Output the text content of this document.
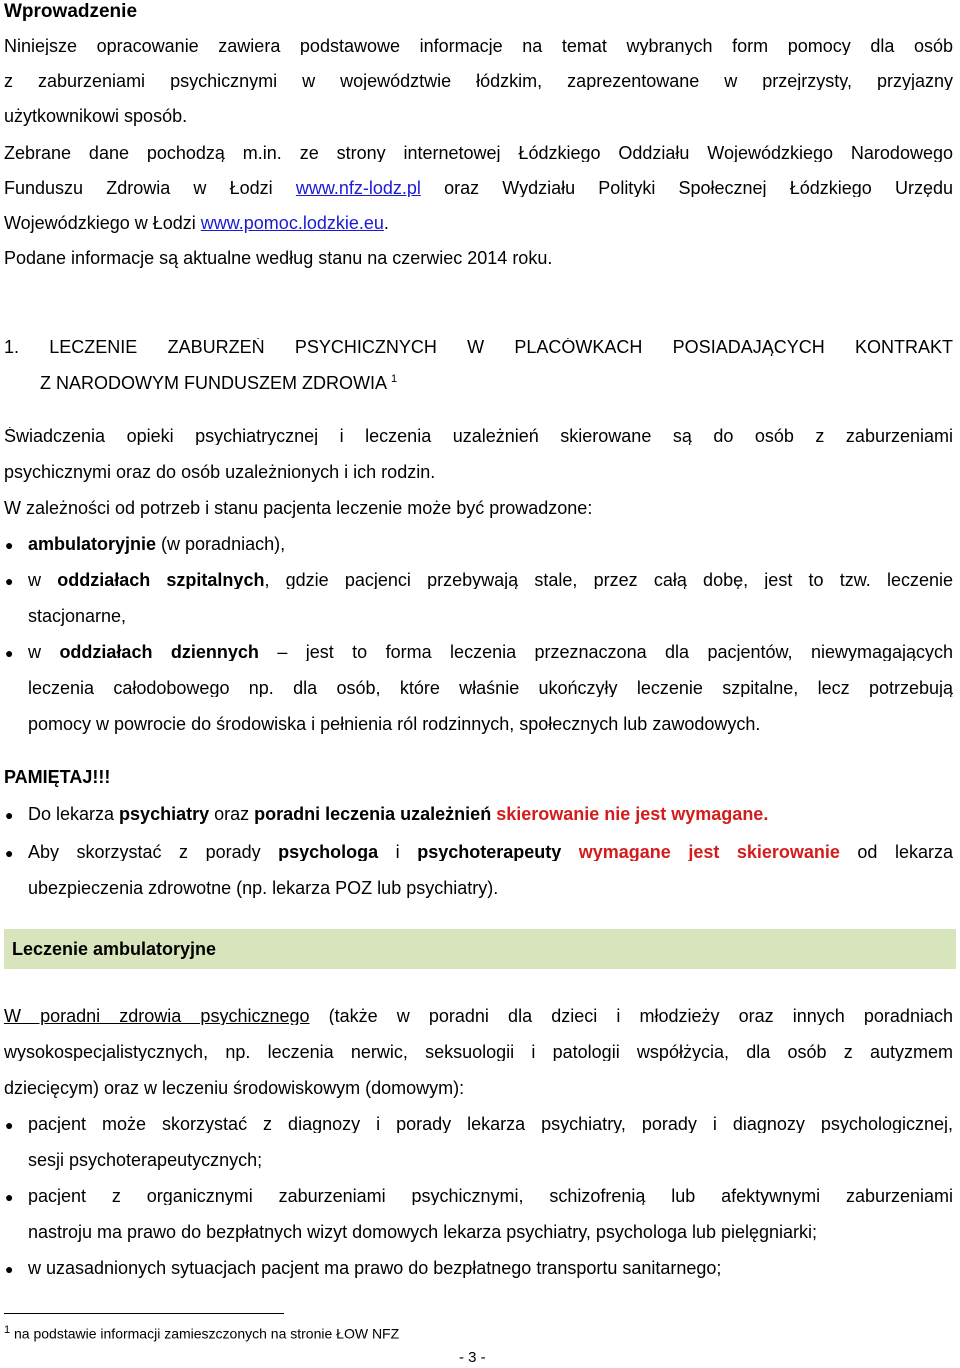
Wprowadzenie
Niniejsze opracowanie zawiera podstawowe informacje na temat wybranych form pomocy dla osób
z zaburzeniami psychicznymi w województwie łódzkim, zaprezentowane w przejrzysty, przyjazny
użytkownikowi sposób.
Zebrane dane pochodzą m.in. ze strony internetowej Łódzkiego Oddziału Wojewódzkiego Narodowego
Funduszu Zdrowia w Łodzi www.nfz-lodz.pl oraz Wydziału Polityki Społecznej Łódzkiego Urzędu
Wojewódzkiego w Łodzi www.pomoc.lodzkie.eu.
Podane informacje są aktualne według stanu na czerwiec 2014 roku.
1. LECZENIE ZABURZEŃ PSYCHICZNYCH W PLACÓWKACH POSIADAJĄCYCH KONTRAKT
Z NARODOWYM FUNDUSZEM ZDROWIA $^1$
Świadczenia opieki psychiatrycznej i leczenia uzależnień skierowane są do osób z zaburzeniami
psychicznymi oraz do osób uzależnionych i ich rodzin.
W zależności od potrzeb i stanu pacjenta leczenie może być prowadzone:
● ambulatoryjnie (w poradniach),
● w oddziałach szpitalnych, gdzie pacjenci przebywają stale, przez całą dobę, jest to tzw. leczenie
stacjonarne,
● w oddziałach dziennych – jest to forma leczenia przeznaczona dla pacjentów, niewymagających
leczenia całodobowego np. dla osób, które właśnie ukończyły leczenie szpitalne, lecz potrzebują
pomocy w powrocie do środowiska i pełnienia ról rodzinnych, społecznych lub zawodowych.
PAMIĘTAJ!!!
● Do lekarza psychiatry oraz poradni leczenia uzależnień skierowanie nie jest wymagane.
● Aby skorzystać z porady psychologa i psychoterapeuty wymagane jest skierowanie od lekarza
ubezpieczenia zdrowotne (np. lekarza POZ lub psychiatry).
Leczenie ambulatoryjne
W poradni zdrowia psychicznego (także w poradni dla dzieci i młodzieży oraz innych poradniach
wysokospecjalistycznych, np. leczenia nerwic, seksuologii i patologii współżycia, dla osób z autyzmem
dziecięcym) oraz w leczeniu środowiskowym (domowym):
● pacjent może skorzystać z diagnozy i porady lekarza psychiatry, porady i diagnozy psychologicznej,
sesji psychoterapeutycznych;
● pacjent z organicznymi zaburzeniami psychicznymi, schizofrenią lub afektywnymi zaburzeniami
nastroju ma prawo do bezpłatnych wizyt domowych lekarza psychiatry, psychologa lub pielęgniarki;
● w uzasadnionych sytuacjach pacjent ma prawo do bezpłatnego transportu sanitarnego;
$^1$ na podstawie informacji zamieszczonych na stronie ŁOW NFZ
- 3 -
